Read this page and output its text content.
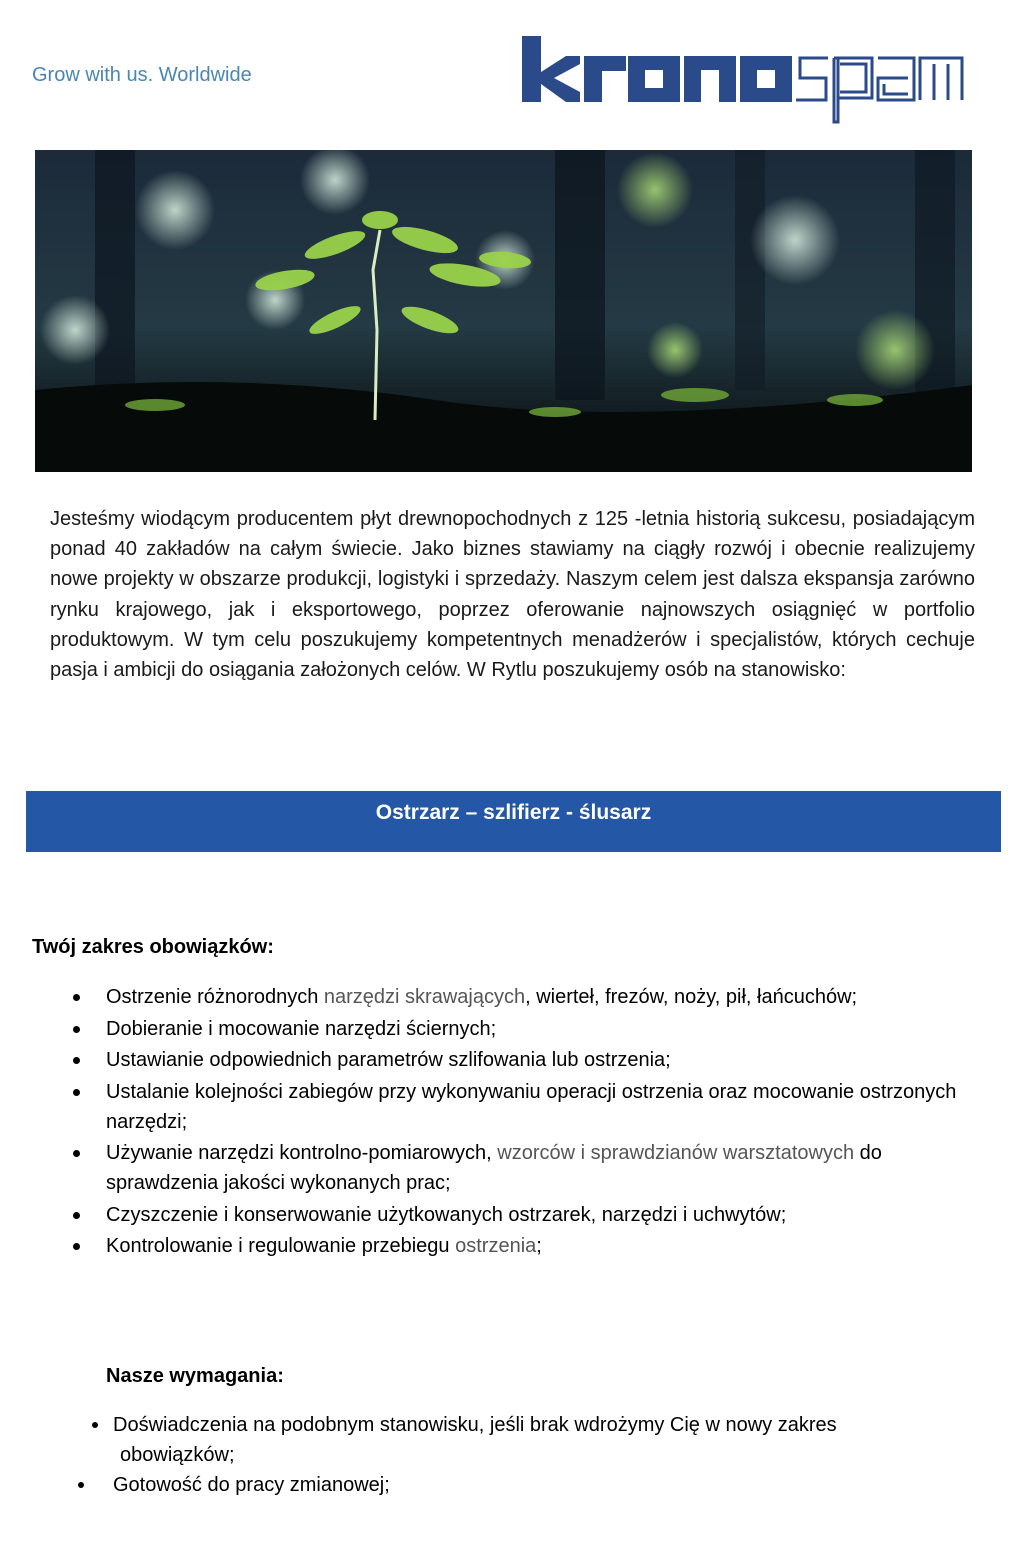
Grow with us. Worldwide

Jesteśmy wiodącym producentem płyt drewnopochodnych z 125 -letnia historią sukcesu, posiadającym ponad 40 zakładów na całym świecie. Jako biznes stawiamy na ciągły rozwój i obecnie realizujemy nowe projekty w obszarze produkcji, logistyki i sprzedaży. Naszym celem jest dalsza ekspansja zarówno rynku krajowego, jak i eksportowego, poprzez oferowanie najnowszych osiągnięć w portfolio produktowym. W tym celu poszukujemy kompetentnych menadżerów i specjalistów, których cechuje pasja i ambicji do osiągania założonych celów. W Rytlu poszukujemy osób na stanowisko:

Ostrzarz – szlifierz - ślusarz
Twój zakres obowiązków:
Ostrzenie różnorodnych narzędzi skrawających, wierteł, frezów, noży, pił, łańcuchów;
Dobieranie i mocowanie narzędzi ściernych;
Ustawianie odpowiednich parametrów szlifowania lub ostrzenia;
Ustalanie kolejności zabiegów przy wykonywaniu operacji ostrzenia oraz mocowanie ostrzonych narzędzi;
Używanie narzędzi kontrolno-pomiarowych, wzorców i sprawdzianów warsztatowych do sprawdzenia jakości wykonanych prac;
Czyszczenie i konserwowanie użytkowanych ostrzarek, narzędzi i uchwytów;
Kontrolowanie i regulowanie przebiegu ostrzenia;
Nasze wymagania:
Doświadczenia na podobnym stanowisku, jeśli brak wdrożymy Cię w nowy zakres
obowiązków;
Gotowość do pracy zmianowej;
